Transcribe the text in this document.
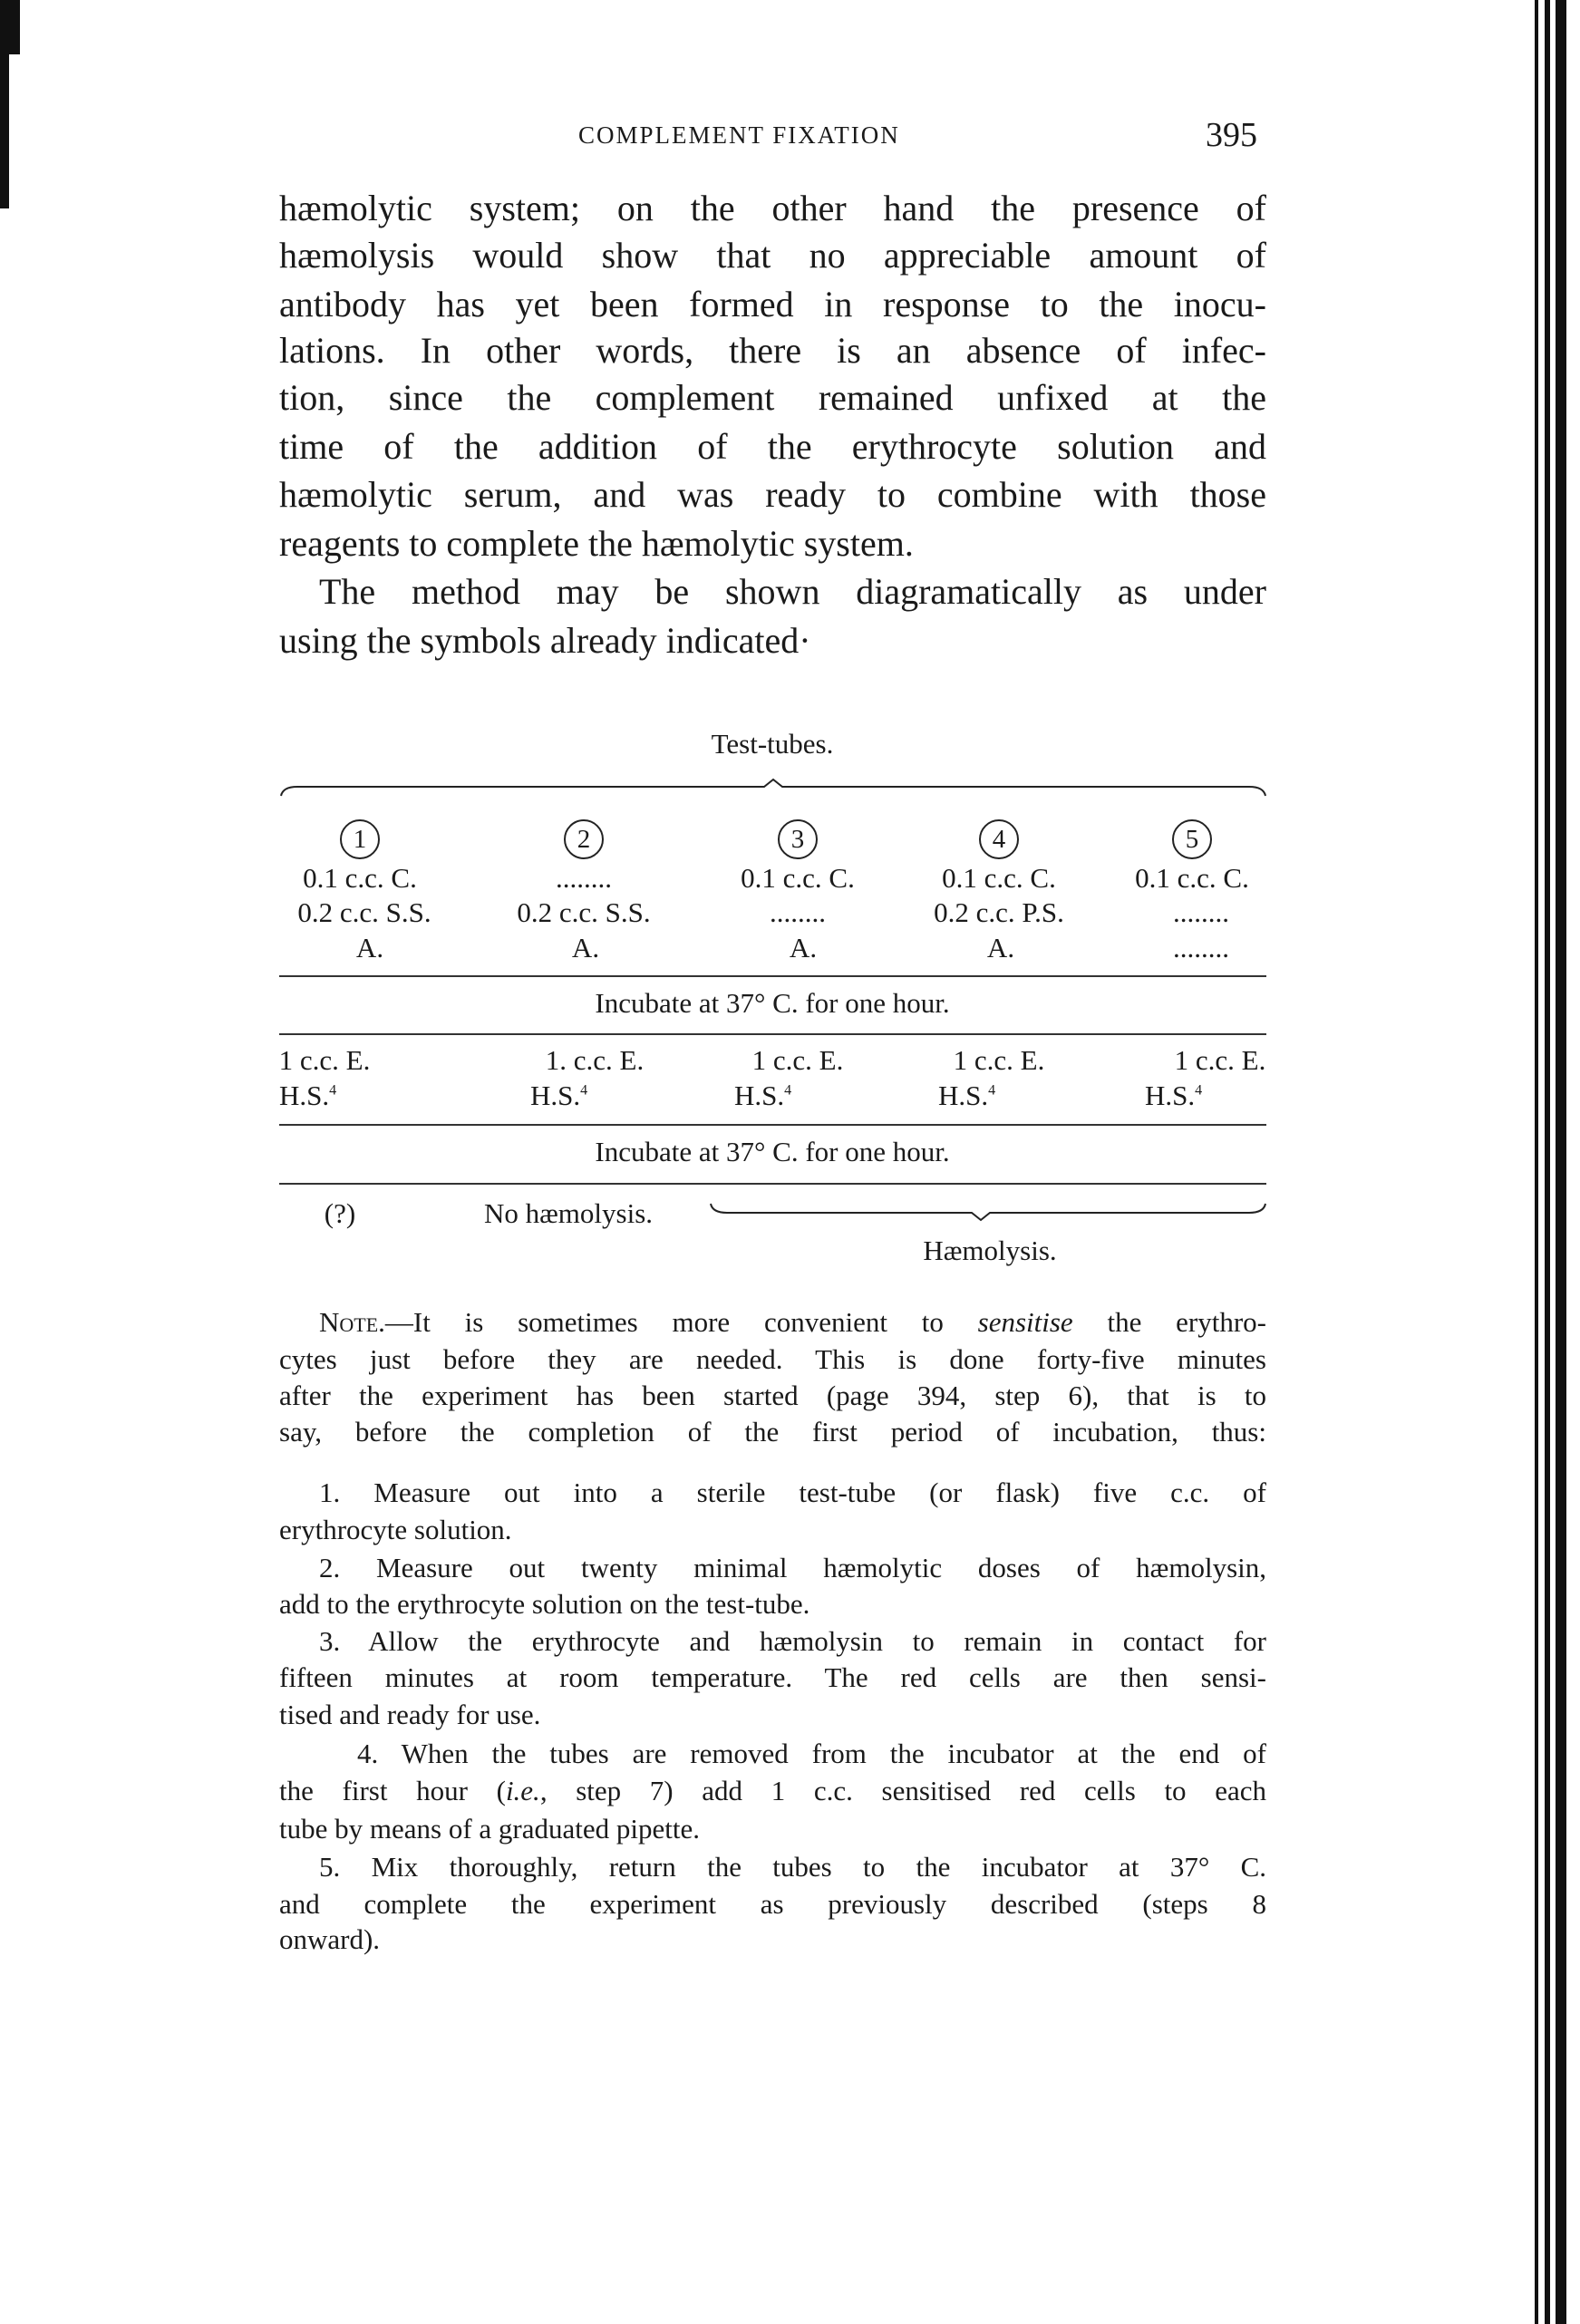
COMPLEMENT FIXATION	395
hæmolytic system; on the other hand the presence of
hæmolysis would show that no appreciable amount of
antibody has yet been formed in response to the inocu-
lations. In other words, there is an absence of infec-
tion, since the complement remained unfixed at the
time of the addition of the erythrocyte solution and
hæmolytic serum, and was ready to combine with those
reagents to complete the hæmolytic system.
The method may be shown diagramatically as under
using the symbols already indicated·
Test-tubes.
1	2	3	4	5
0.1 c.c. C.	........	0.1 c.c. C.	0.1 c.c. C.	0.1 c.c. C.
0.2 c.c. S.S.	0.2 c.c. S.S.	........	0.2 c.c. P.S.	........
A.	A.	A.	A.	........
Incubate at 37° C. for one hour.
1 c.c. E.	1. c.c. E.	1 c.c. E.	1 c.c. E.	1 c.c. E.
H.S.$^4$	H.S.$^4$	H.S.$^4$	H.S.$^4$	H.S.$^4$
Incubate at 37° C. for one hour.
(?)	No hæmolysis.
Hæmolysis.
Note.—It is sometimes more convenient to sensitise the erythro-
cytes just before they are needed. This is done forty-five minutes
after the experiment has been started (page 394, step 6), that is to
say, before the completion of the first period of incubation, thus:
1. Measure out into a sterile test-tube (or flask) five c.c. of
erythrocyte solution.
2. Measure out twenty minimal hæmolytic doses of hæmolysin,
add to the erythrocyte solution on the test-tube.
3. Allow the erythrocyte and hæmolysin to remain in contact for
fifteen minutes at room temperature. The red cells are then sensi-
tised and ready for use.
4. When the tubes are removed from the incubator at the end of
the first hour (i.e., step 7) add 1 c.c. sensitised red cells to each
tube by means of a graduated pipette.
5. Mix thoroughly, return the tubes to the incubator at 37° C.
and complete the experiment as previously described (steps 8
onward).
